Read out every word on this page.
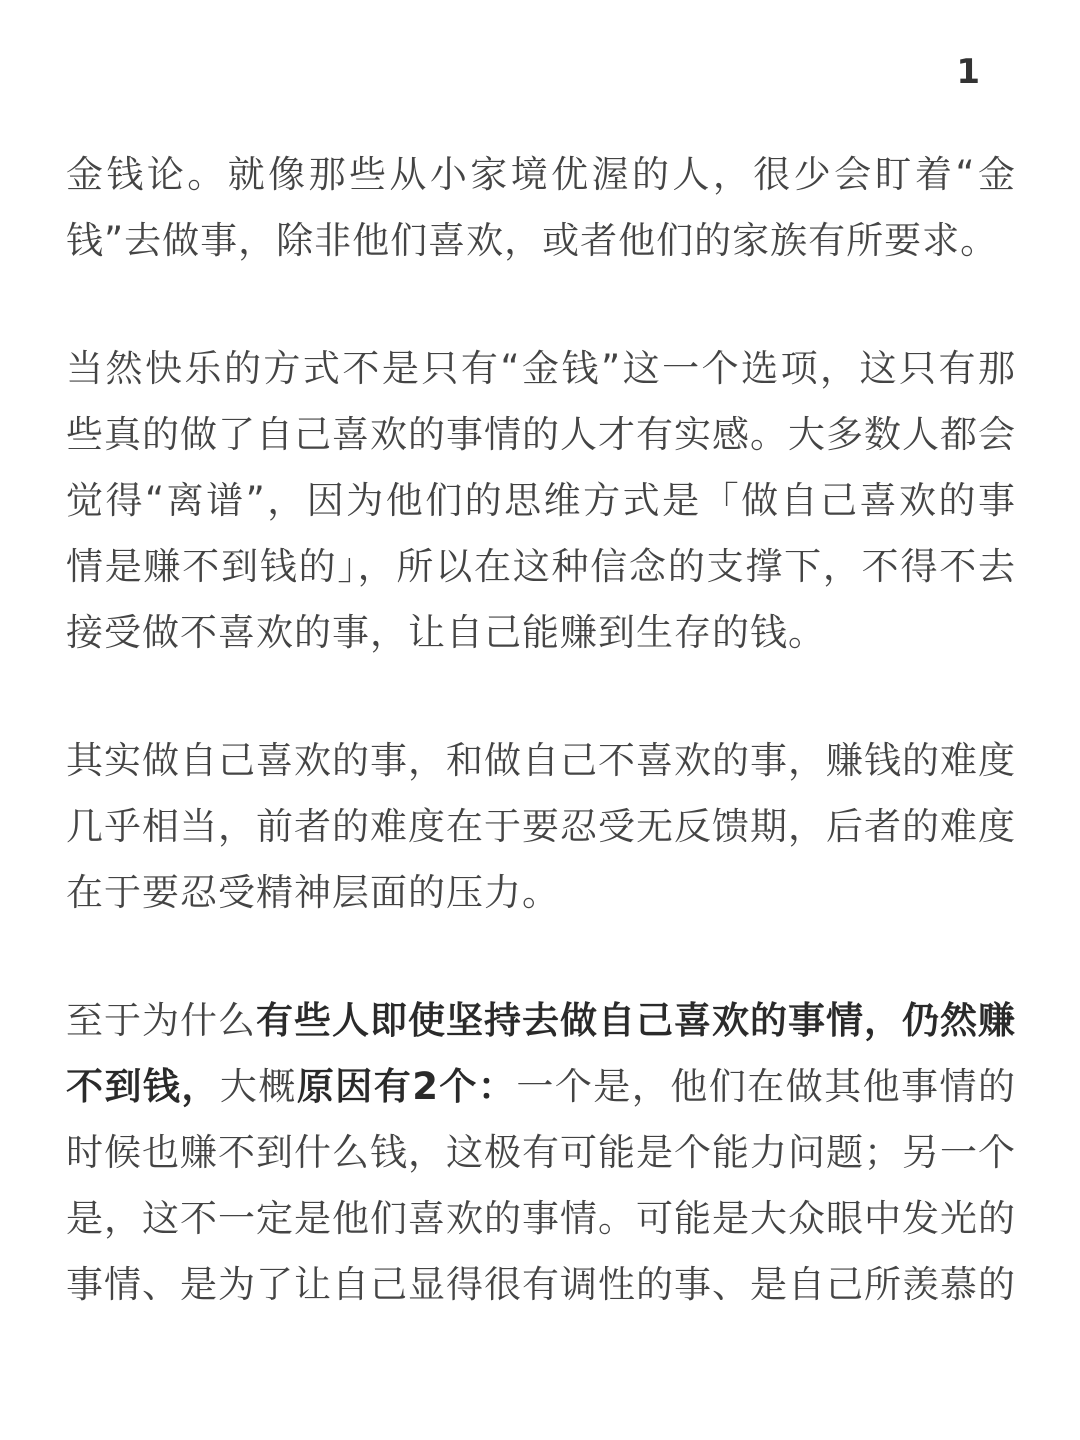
1

金钱论。就像那些从小家境优渥的人，很少会盯着“金钱”去做事，除非他们喜欢，或者他们的家族有所要求。

当然快乐的方式不是只有“金钱”这一个选项，这只有那些真的做了自己喜欢的事情的人才有实感。大多数人都会觉得“离谱”，因为他们的思维方式是「做自己喜欢的事情是赚不到钱的」，所以在这种信念的支撑下，不得不去接受做不喜欢的事，让自己能赚到生存的钱。

其实做自己喜欢的事，和做自己不喜欢的事，赚钱的难度几乎相当，前者的难度在于要忍受无反馈期，后者的难度在于要忍受精神层面的压力。

至于为什么有些人即使坚持去做自己喜欢的事情，仍然赚不到钱，大概原因有2个：一个是，他们在做其他事情的时候也赚不到什么钱，这极有可能是个能力问题；另一个是，这不一定是他们喜欢的事情。可能是大众眼中发光的事情、是为了让自己显得很有调性的事、是自己所羡慕的
